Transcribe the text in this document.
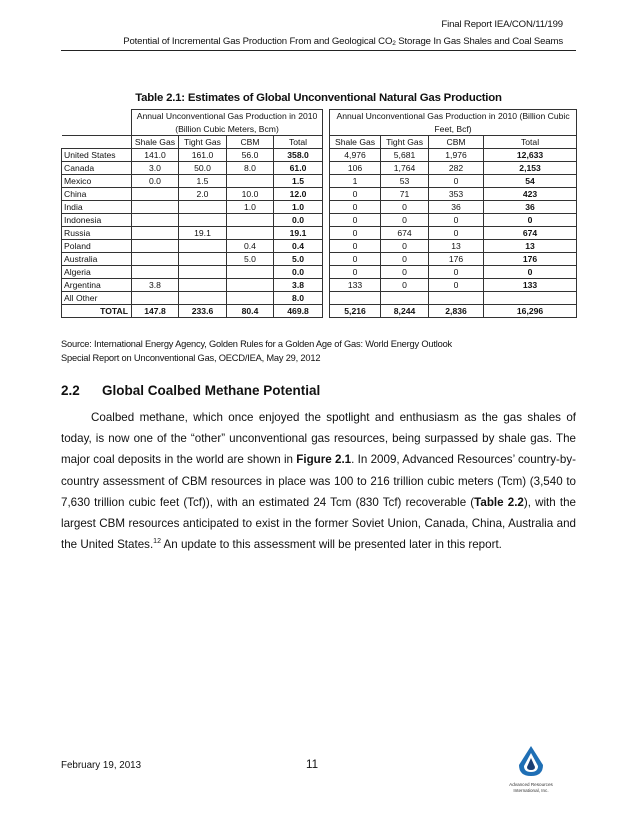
Final Report IEA/CON/11/199
Potential of Incremental Gas Production From and Geological CO2 Storage In Gas Shales and Coal Seams
Table 2.1: Estimates of Global Unconventional Natural Gas Production
	Annual Unconventional Gas Production in 2010 (Billion Cubic Meters, Bcm)					Annual Unconventional Gas Production in 2010 (Billion Cubic Feet, Bcf)			
	Shale Gas	Tight Gas	CBM	Total		Shale Gas	Tight Gas	CBM	Total
United States	141.0	161.0	56.0	358.0		4,976	5,681	1,976	12,633
Canada	3.0	50.0	8.0	61.0		106	1,764	282	2,153
Mexico	0.0	1.5		1.5		1	53	0	54
China		2.0	10.0	12.0		0	71	353	423
India			1.0	1.0		0	0	36	36
Indonesia				0.0		0	0	0	0
Russia		19.1		19.1		0	674	0	674
Poland			0.4	0.4		0	0	13	13
Australia			5.0	5.0		0	0	176	176
Algeria				0.0		0	0	0	0
Argentina	3.8			3.8		133	0	0	133
All Other				8.0					
TOTAL	147.8	233.6	80.4	469.8		5,216	8,244	2,836	16,296
Source: International Energy Agency, Golden Rules for a Golden Age of Gas: World Energy Outlook
Special Report on Unconventional Gas, OECD/IEA, May 29, 2012
2.2 Global Coalbed Methane Potential

Coalbed methane, which once enjoyed the spotlight and enthusiasm as the gas shales of today, is now one of the “other” unconventional gas resources, being surpassed by shale gas. The major coal deposits in the world are shown in Figure 2.1. In 2009, Advanced Resources’ country-by-country assessment of CBM resources in place was 100 to 216 trillion cubic meters (Tcm) (3,540 to 7,630 trillion cubic feet (Tcf)), with an estimated 24 Tcm (830 Tcf) recoverable (Table 2.2), with the largest CBM resources anticipated to exist in the former Soviet Union, Canada, China, Australia and the United States.$^{12}$ An update to this assessment will be presented later in this report.

February 19, 2013	11
Advanced Resources
International, Inc.
